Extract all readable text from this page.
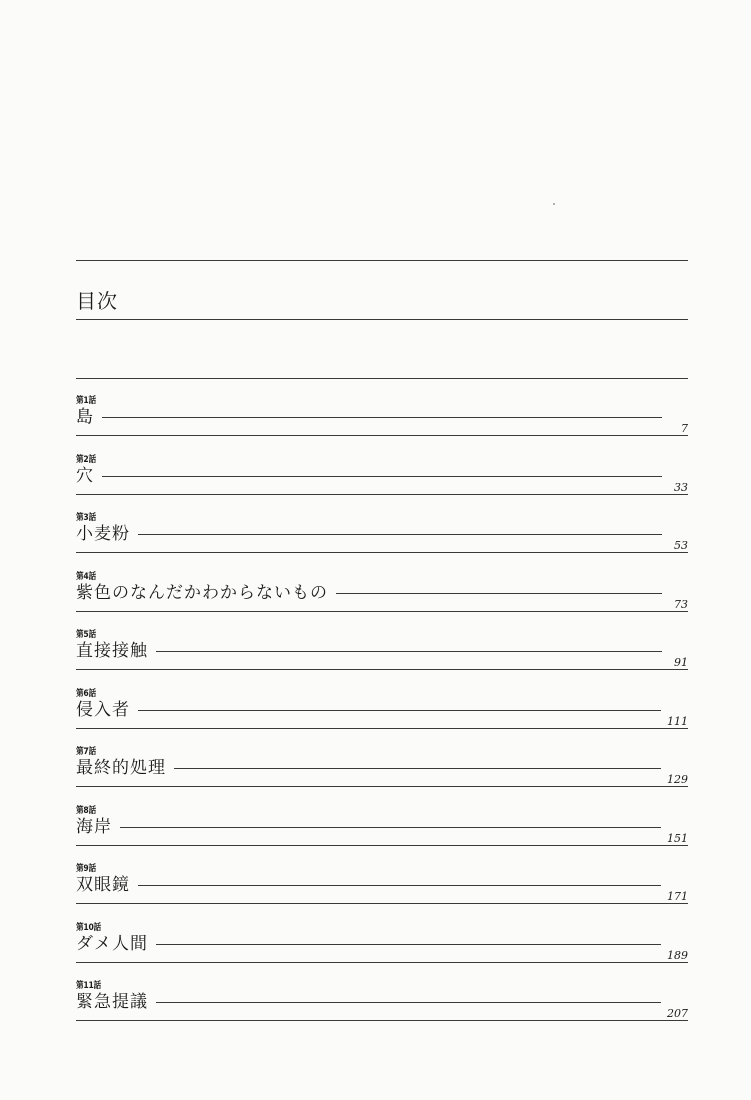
目次
第1話
島
7
第2話
穴
33
第3話
小麦粉
53
第4話
紫色のなんだかわからないもの
73
第5話
直接接触
91
第6話
侵入者
111
第7話
最終的処理
129
第8話
海岸
151
第9話
双眼鏡
171
第10話
ダメ人間
189
第11話
緊急提議
207
